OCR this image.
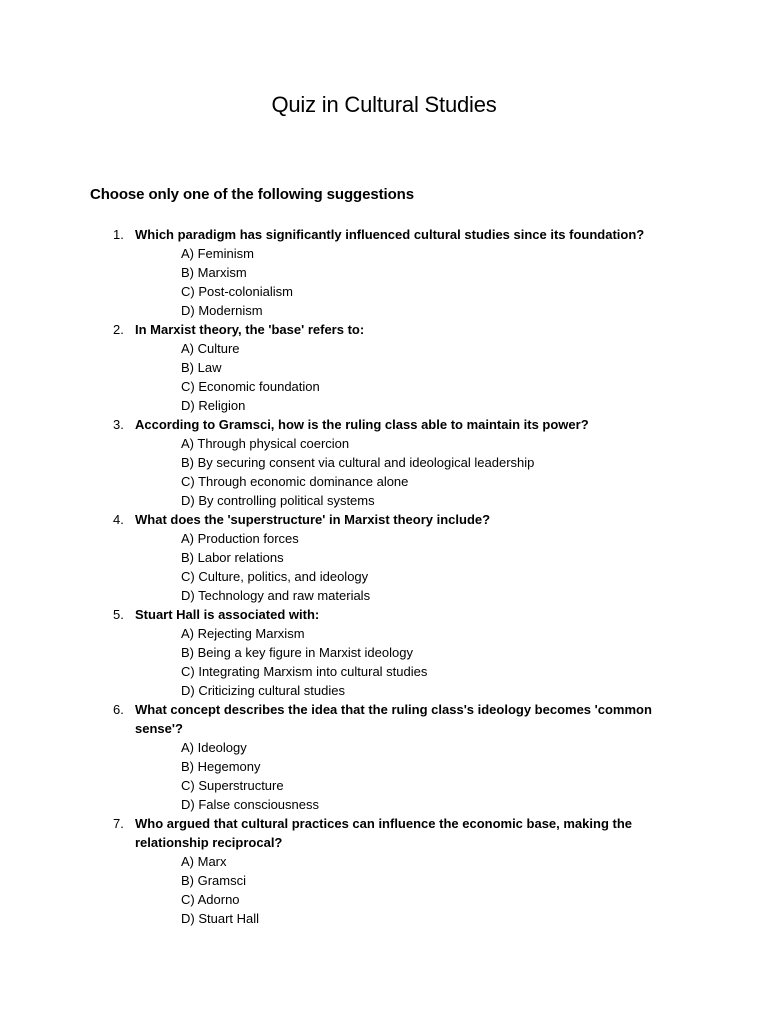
Quiz in Cultural Studies

Choose only one of the following suggestions

1. Which paradigm has significantly influenced cultural studies since its foundation?

A) Feminism
B) Marxism
C) Post-colonialism
D) Modernism
2. In Marxist theory, the 'base' refers to:

A) Culture
B) Law
C) Economic foundation
D) Religion
3. According to Gramsci, how is the ruling class able to maintain its power?

A) Through physical coercion
B) By securing consent via cultural and ideological leadership
C) Through economic dominance alone
D) By controlling political systems
4. What does the 'superstructure' in Marxist theory include?

A) Production forces
B) Labor relations
C) Culture, politics, and ideology
D) Technology and raw materials
5. Stuart Hall is associated with:

A) Rejecting Marxism
B) Being a key figure in Marxist ideology
C) Integrating Marxism into cultural studies
D) Criticizing cultural studies
6. What concept describes the idea that the ruling class's ideology becomes 'common sense'?

A) Ideology
B) Hegemony
C) Superstructure
D) False consciousness
7. Who argued that cultural practices can influence the economic base, making the relationship reciprocal?

A) Marx
B) Gramsci
C) Adorno
D) Stuart Hall
